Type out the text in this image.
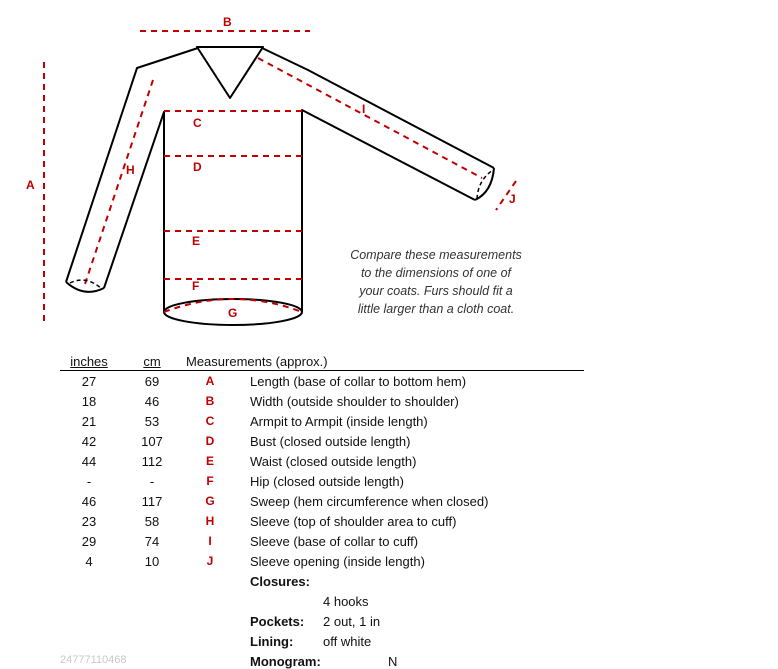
A
B
C
D
E
F
G
H
I
J
Compare these measurements
to the dimensions of one of
your coats. Furs should fit a
little larger than a cloth coat.
inches	cm	Measurements (approx.)	
27	69	A	Length (base of collar to bottom hem)
18	46	B	Width (outside shoulder to shoulder)
21	53	C	Armpit to Armpit (inside length)
42	107	D	Bust (closed outside length)
44	112	E	Waist (closed outside length)
-	-	F	Hip (closed outside length)
46	117	G	Sweep (hem circumference when closed)
23	58	H	Sleeve (top of shoulder area to cuff)
29	74	I	Sleeve (base of collar to cuff)
4	10	J	Sleeve opening (inside length)
Closures:
4 hooks
Pockets: 2 out, 1 in
Lining: off white
Monogram:	N
24777110468
